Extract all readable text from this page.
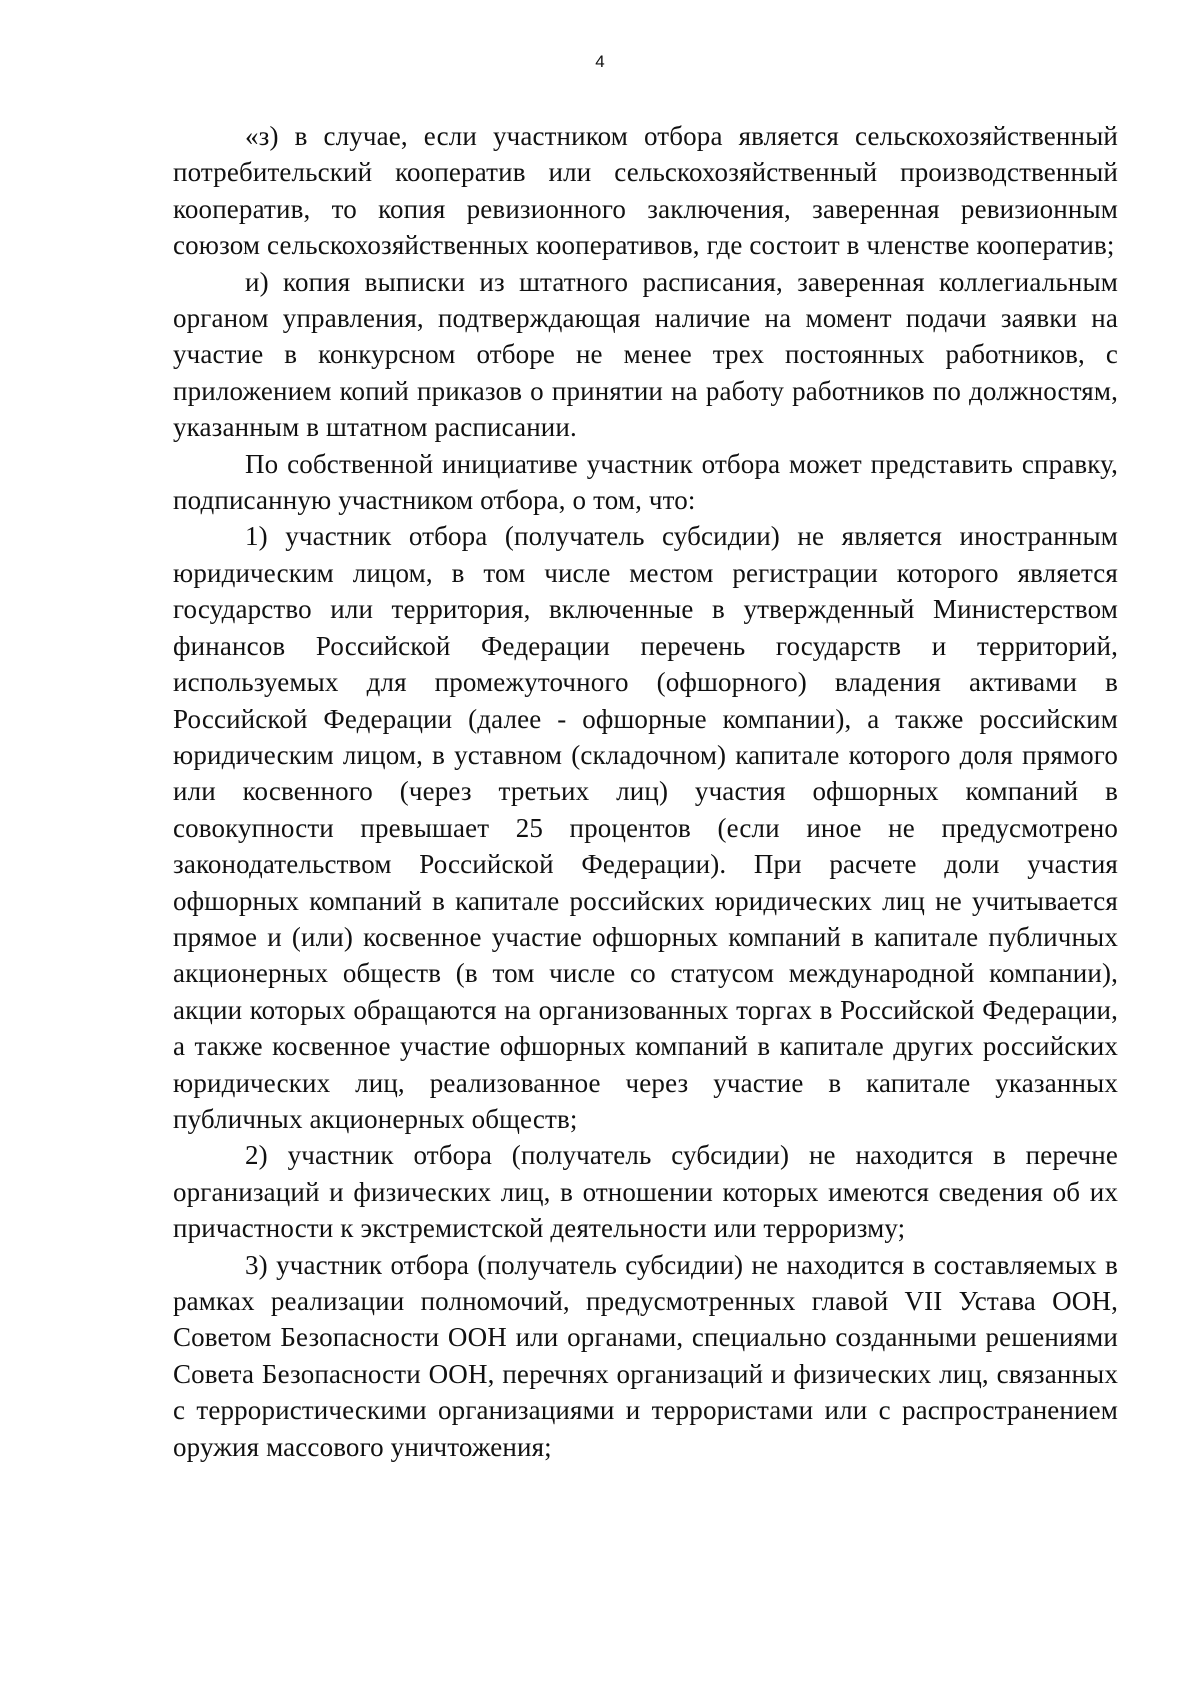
4

«з) в случае, если участником отбора является сельскохозяйственный потребительский кооператив или сельскохозяйственный производственный кооператив, то копия ревизионного заключения, заверенная ревизионным союзом сельскохозяйственных кооперативов, где состоит в членстве кооператив;

и) копия выписки из штатного расписания, заверенная коллегиальным органом управления, подтверждающая наличие на момент подачи заявки на участие в конкурсном отборе не менее трех постоянных работников, с приложением копий приказов о принятии на работу работников по должностям, указанным в штатном расписании.

По собственной инициативе участник отбора может представить справку, подписанную участником отбора, о том, что:

1) участник отбора (получатель субсидии) не является иностранным юридическим лицом, в том числе местом регистрации которого является государство или территория, включенные в утвержденный Министерством финансов Российской Федерации перечень государств и территорий, используемых для промежуточного (офшорного) владения активами в Российской Федерации (далее - офшорные компании), а также российским юридическим лицом, в уставном (складочном) капитале которого доля прямого или косвенного (через третьих лиц) участия офшорных компаний в совокупности превышает 25 процентов (если иное не предусмотрено законодательством Российской Федерации). При расчете доли участия офшорных компаний в капитале российских юридических лиц не учитывается прямое и (или) косвенное участие офшорных компаний в капитале публичных акционерных обществ (в том числе со статусом международной компании), акции которых обращаются на организованных торгах в Российской Федерации, а также косвенное участие офшорных компаний в капитале других российских юридических лиц, реализованное через участие в капитале указанных публичных акционерных обществ;

2) участник отбора (получатель субсидии) не находится в перечне организаций и физических лиц, в отношении которых имеются сведения об их причастности к экстремистской деятельности или терроризму;

3) участник отбора (получатель субсидии) не находится в составляемых в рамках реализации полномочий, предусмотренных главой VII Устава ООН, Советом Безопасности ООН или органами, специально созданными решениями Совета Безопасности ООН, перечнях организаций и физических лиц, связанных с террористическими организациями и террористами или с распространением оружия массового уничтожения;
